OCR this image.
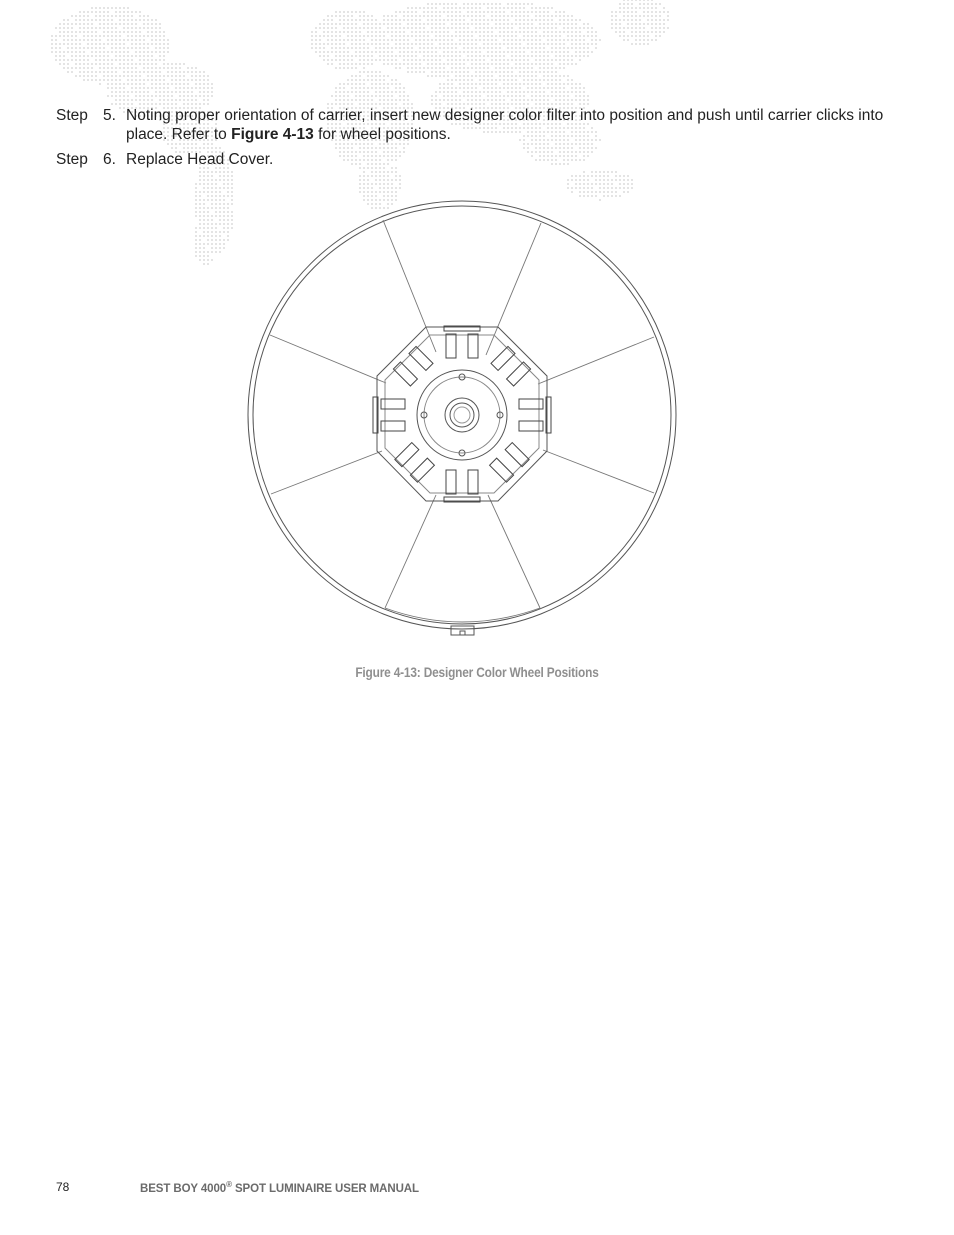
Step 5. Noting proper orientation of carrier, insert new designer color filter into position and push until carrier clicks into place. Refer to Figure 4-13 for wheel positions.
Step 6. Replace Head Cover.
Figure 4-13: Designer Color Wheel Positions
78	BEST BOY 4000® SPOT LUMINAIRE USER MANUAL
